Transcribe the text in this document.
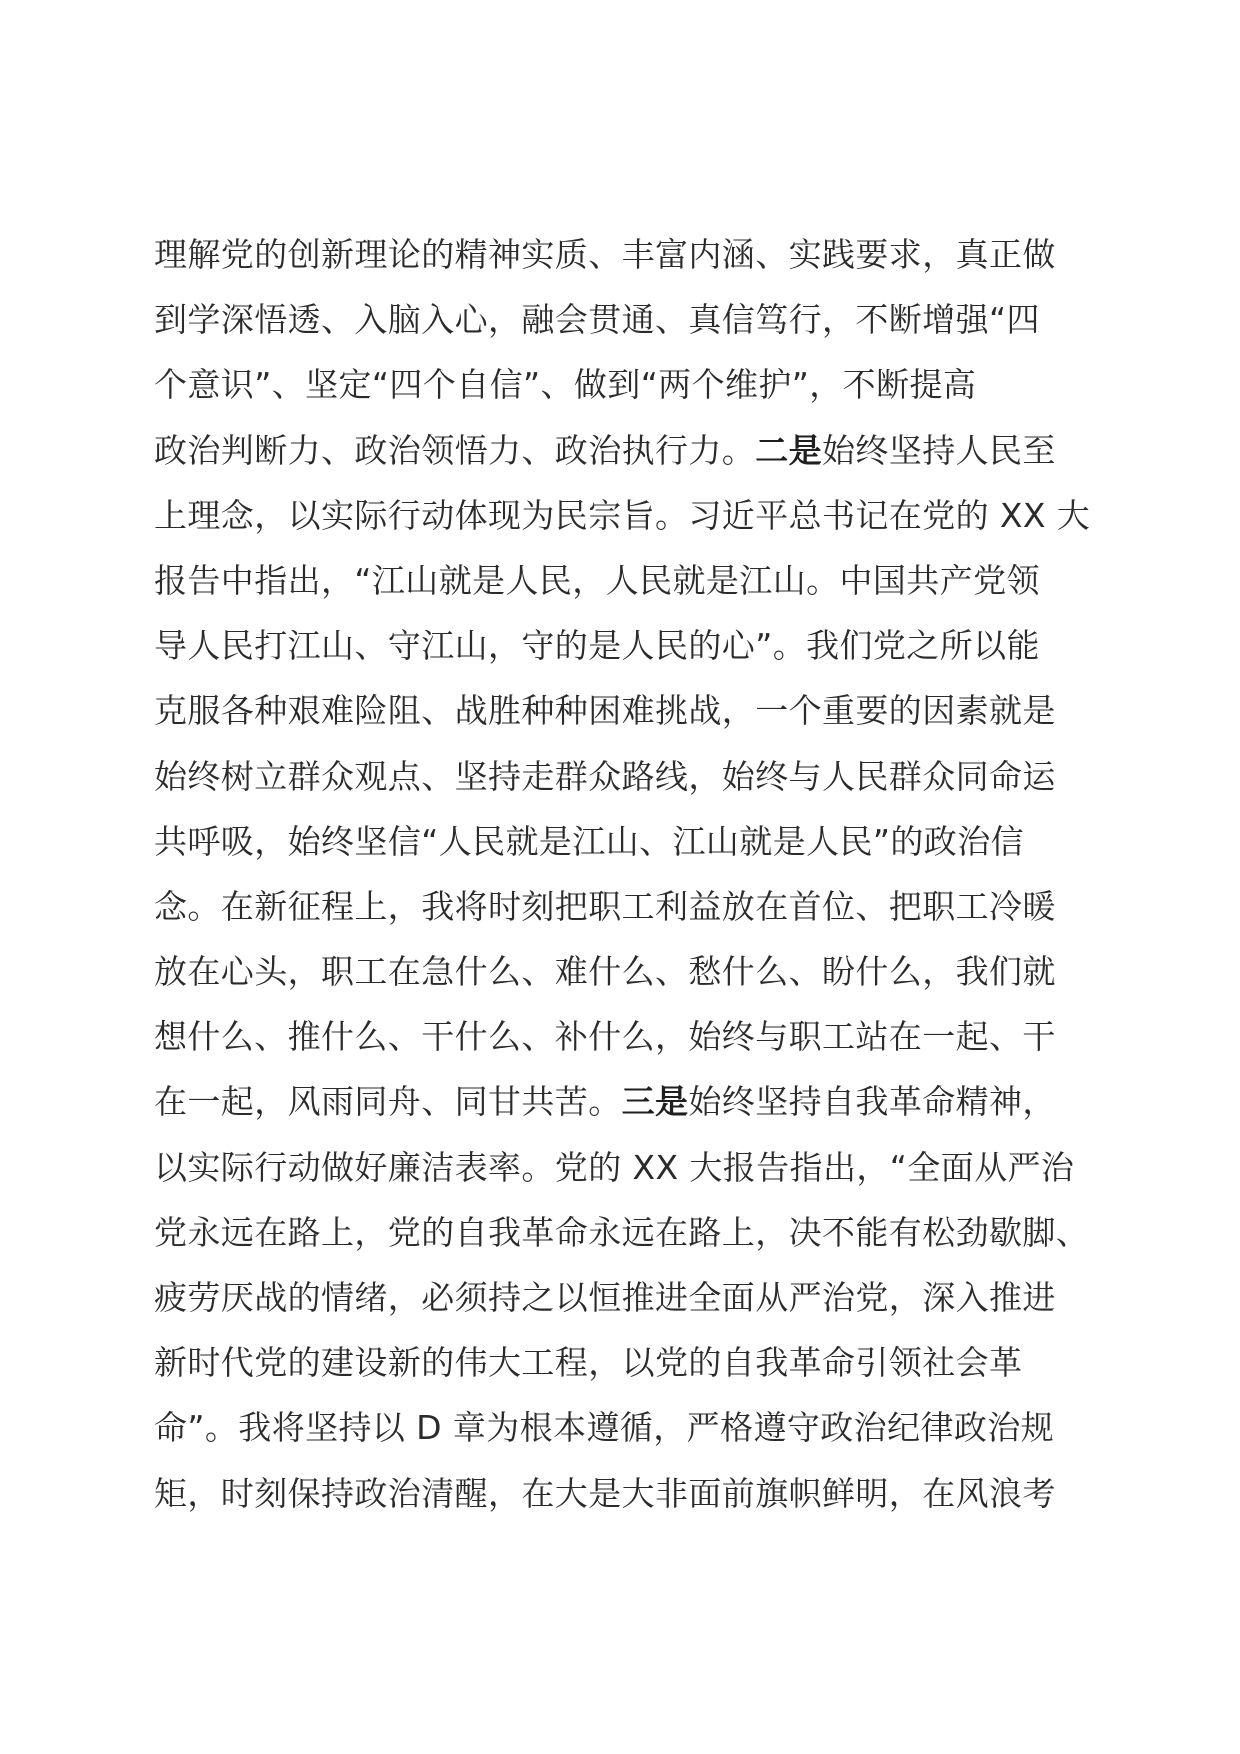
理解党的创新理论的精神实质、丰富内涵、实践要求，真正做
到学深悟透、入脑入心，融会贯通、真信笃行，不断增强“四
个意识”、坚定“四个自信”、做到“两个维护”，不断提高
政治判断力、政治领悟力、政治执行力。二是始终坚持人民至
上理念，以实际行动体现为民宗旨。习近平总书记在党的 XX 大
报告中指出，“江山就是人民，人民就是江山。中国共产党领
导人民打江山、守江山，守的是人民的心”。我们党之所以能
克服各种艰难险阻、战胜种种困难挑战，一个重要的因素就是
始终树立群众观点、坚持走群众路线，始终与人民群众同命运
共呼吸，始终坚信“人民就是江山、江山就是人民”的政治信
念。在新征程上，我将时刻把职工利益放在首位、把职工冷暖
放在心头，职工在急什么、难什么、愁什么、盼什么，我们就
想什么、推什么、干什么、补什么，始终与职工站在一起、干
在一起，风雨同舟、同甘共苦。三是始终坚持自我革命精神，
以实际行动做好廉洁表率。党的 XX 大报告指出，“全面从严治
党永远在路上，党的自我革命永远在路上，决不能有松劲歇脚、
疲劳厌战的情绪，必须持之以恒推进全面从严治党，深入推进
新时代党的建设新的伟大工程，以党的自我革命引领社会革
命”。我将坚持以 D 章为根本遵循，严格遵守政治纪律政治规
矩，时刻保持政治清醒，在大是大非面前旗帜鲜明，在风浪考
